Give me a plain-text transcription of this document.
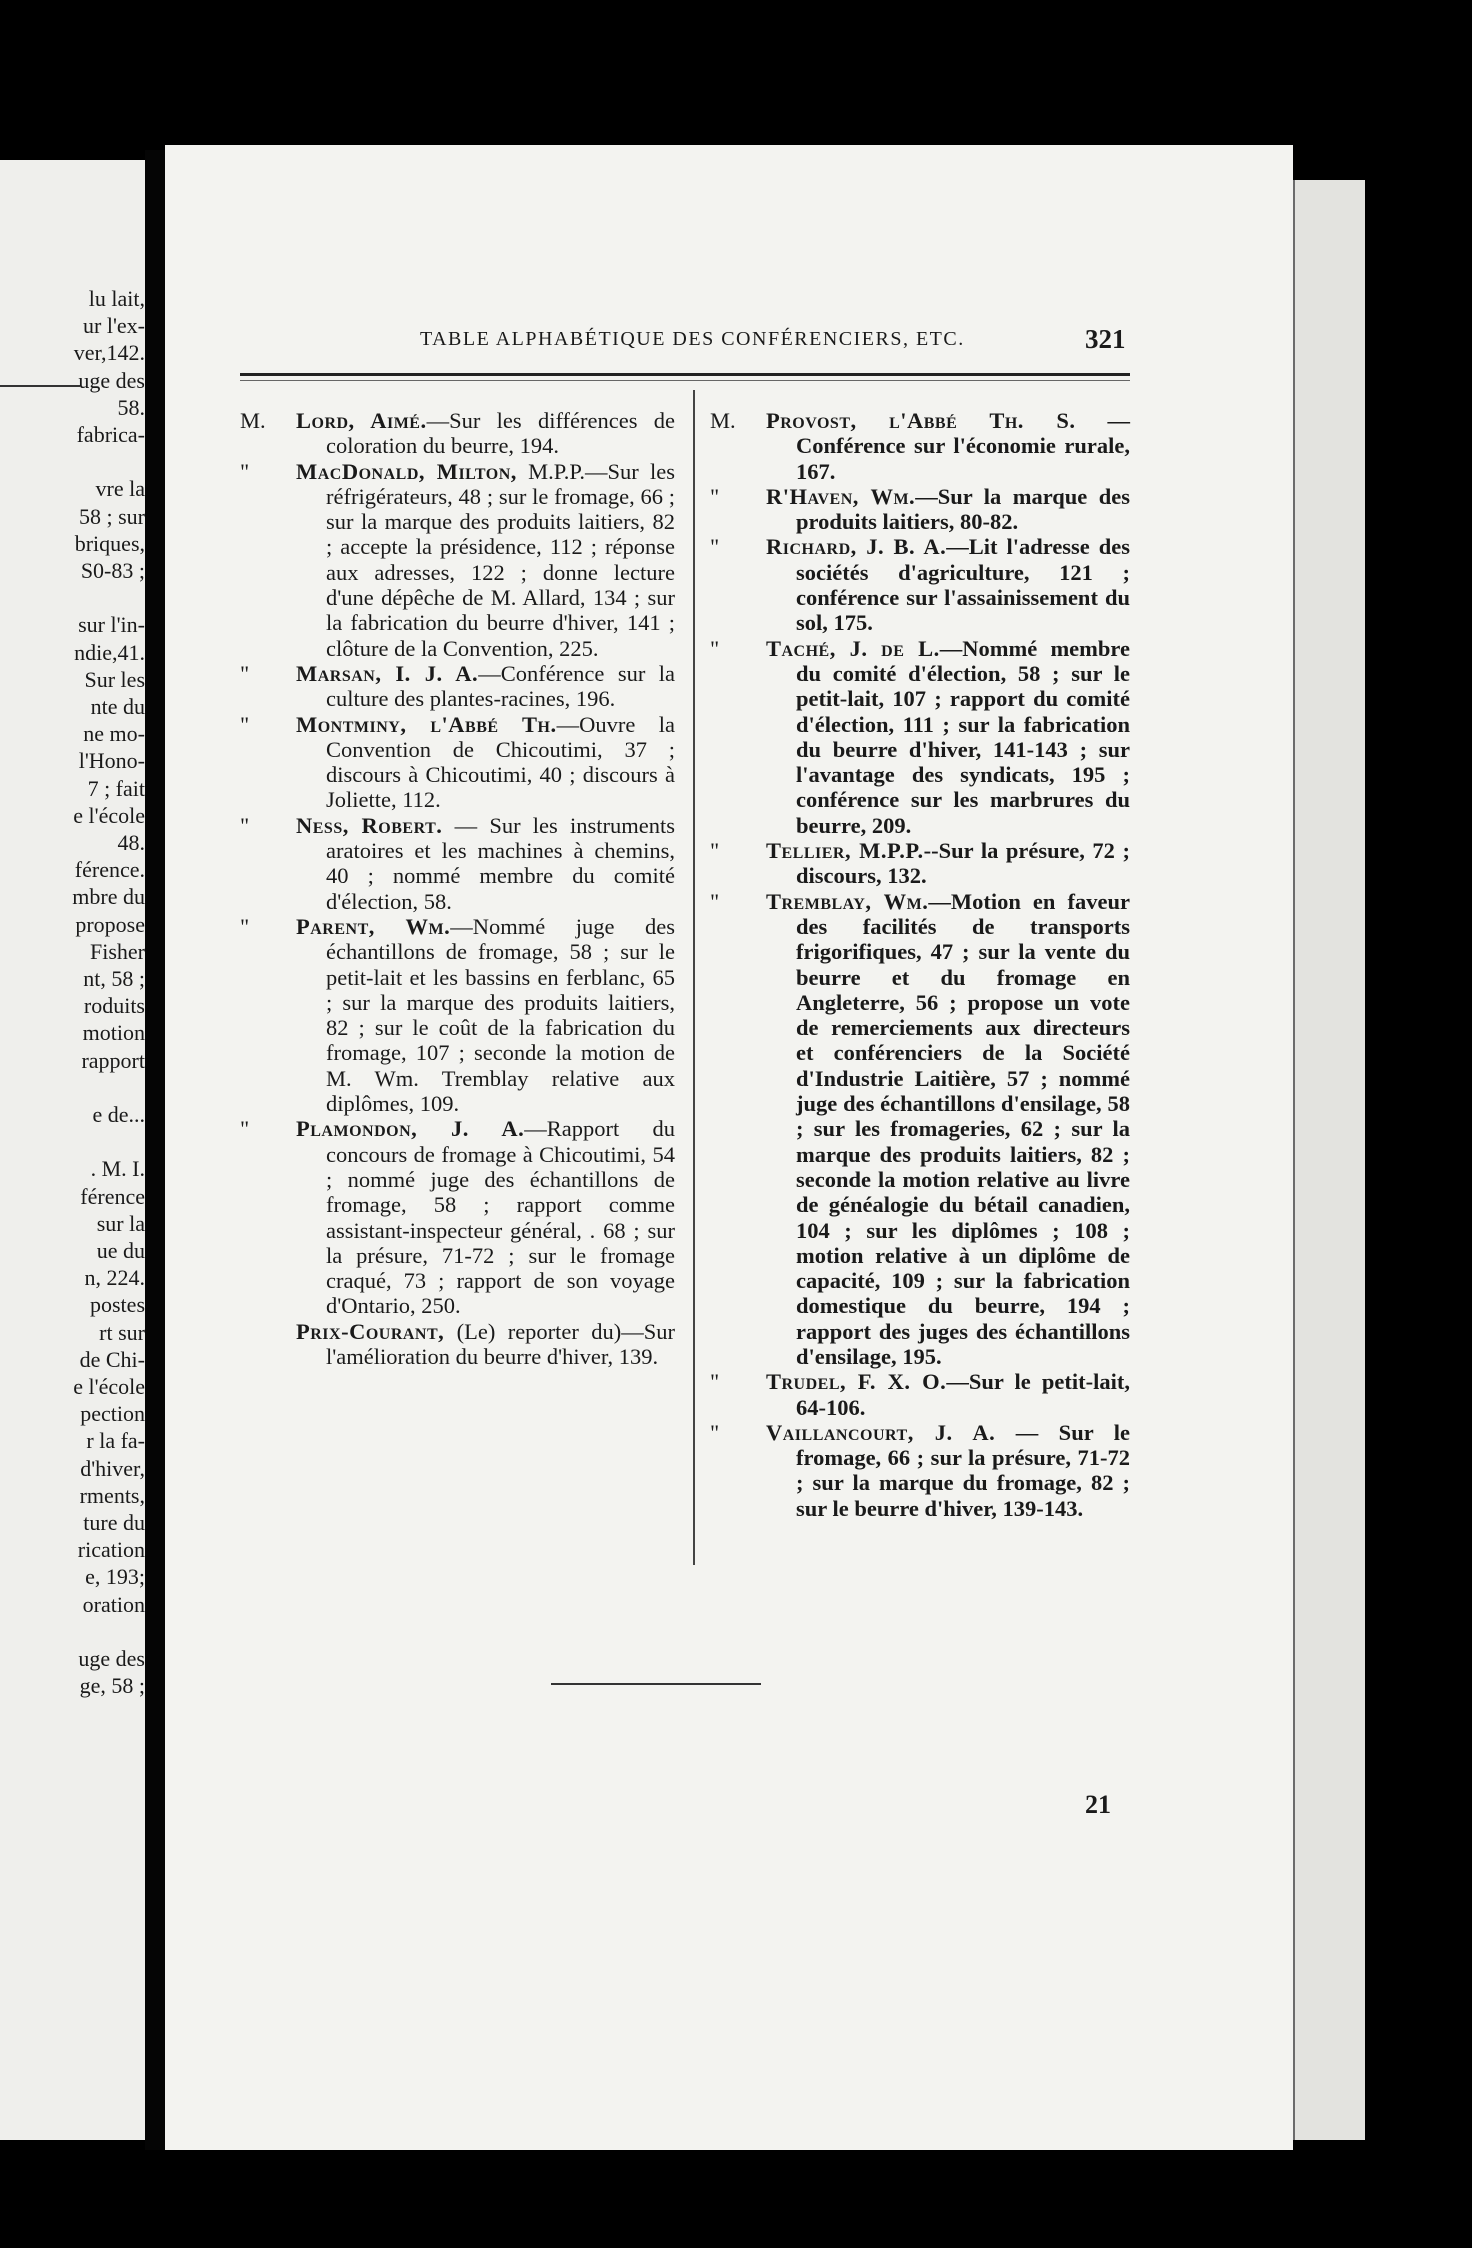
lu lait,
ur l'ex-
ver,142.
uge des
58.
fabrica-
vre la
58 ; sur
briques,
S0-83 ;
sur l'in-
ndie,41.
Sur les
nte du
ne mo-
l'Hono-
7 ; fait
e l'école
48.
férence.
mbre du
propose
Fisher
nt, 58 ;
roduits
motion
rapport
e de...
. M. I.
férence
sur la
ue du
n, 224.
postes
rt sur
de Chi-
e l'école
pection
r la fa-
d'hiver,
rments,
ture du
rication
e, 193;
oration
uge des
ge, 58 ;
TABLE ALPHABÉTIQUE DES CONFÉRENCIERS, ETC.	321
M.	Lord, Aimé.—Sur les différences de coloration du beurre, 194.
"	MacDonald, Milton, M.P.P.—Sur les réfrigérateurs, 48 ; sur le fromage, 66 ; sur la marque des produits laitiers, 82 ; accepte la présidence, 112 ; réponse aux adresses, 122 ; donne lecture d'une dépêche de M. Allard, 134 ; sur la fabrication du beurre d'hiver, 141 ; clôture de la Convention, 225.
"	Marsan, I. J. A.—Conférence sur la culture des plantes-racines, 196.
"	Montminy, l'Abbé Th.—Ouvre la Convention de Chicoutimi, 37 ; discours à Chicoutimi, 40 ; discours à Joliette, 112.
"	Ness, Robert. — Sur les instruments aratoires et les machines à chemins, 40 ; nommé membre du comité d'élection, 58.
"	Parent, Wm.—Nommé juge des échantillons de fromage, 58 ; sur le petit-lait et les bassins en ferblanc, 65 ; sur la marque des produits laitiers, 82 ; sur le coût de la fabrication du fromage, 107 ; seconde la motion de M. Wm. Tremblay relative aux diplômes, 109.
"	Plamondon, J. A.—Rapport du concours de fromage à Chicoutimi, 54 ; nommé juge des échantillons de fromage, 58 ; rapport comme assistant-inspecteur général, . 68 ; sur la présure, 71-72 ; sur le fromage craqué, 73 ; rapport de son voyage d'Ontario, 250.
Prix-Courant, (Le) reporter du)—Sur l'amélioration du beurre d'hiver, 139.
M.	Provost, l'Abbé Th. S. — Conférence sur l'économie rurale, 167.
"	R'Haven, Wm.—Sur la marque des produits laitiers, 80-82.
"	Richard, J. B. A.—Lit l'adresse des sociétés d'agriculture, 121 ; conférence sur l'assainissement du sol, 175.
"	Taché, J. de L.—Nommé membre du comité d'élection, 58 ; sur le petit-lait, 107 ; rapport du comité d'élection, 111 ; sur la fabrication du beurre d'hiver, 141-143 ; sur l'avantage des syndicats, 195 ; conférence sur les marbrures du beurre, 209.
"	Tellier, M.P.P.--Sur la présure, 72 ; discours, 132.
"	Tremblay, Wm.—Motion en faveur des facilités de transports frigorifiques, 47 ; sur la vente du beurre et du fromage en Angleterre, 56 ; propose un vote de remerciements aux directeurs et conférenciers de la Société d'Industrie Laitière, 57 ; nommé juge des échantillons d'ensilage, 58 ; sur les fromageries, 62 ; sur la marque des produits laitiers, 82 ; seconde la motion relative au livre de généalogie du bétail canadien, 104 ; sur les diplômes ; 108 ; motion relative à un diplôme de capacité, 109 ; sur la fabrication domestique du beurre, 194 ; rapport des juges des échantillons d'ensilage, 195.
"	Trudel, F. X. O.—Sur le petit-lait, 64-106.
"	Vaillancourt, J. A. — Sur le fromage, 66 ; sur la présure, 71-72 ; sur la marque du fromage, 82 ; sur le beurre d'hiver, 139-143.
21
